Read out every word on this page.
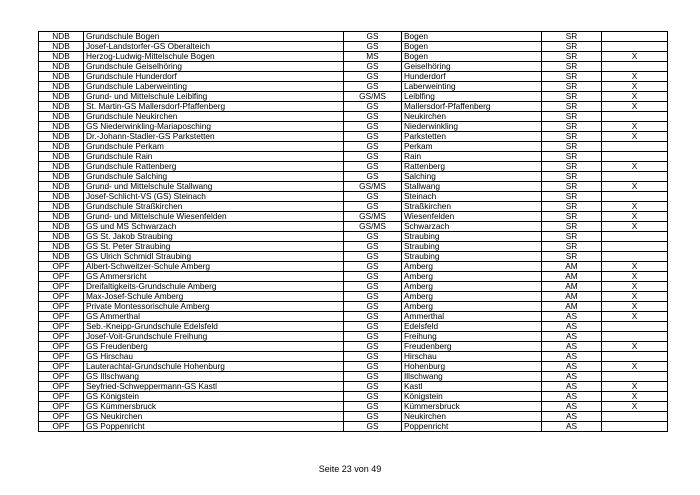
NDB	Grundschule Bogen	GS	Bogen	SR	
NDB	Josef-Landstorfer-GS Oberalteich	GS	Bogen	SR	
NDB	Herzog-Ludwig-Mittelschule Bogen	MS	Bogen	SR	X
NDB	Grundschule Geiselhöring	GS	Geiselhöring	SR	
NDB	Grundschule Hunderdorf	GS	Hunderdorf	SR	X
NDB	Grundschule Laberweinting	GS	Laberweinting	SR	X
NDB	Grund- und Mittelschule Leiblfing	GS/MS	Leiblfing	SR	X
NDB	St. Martin-GS Mallersdorf-Pfaffenberg	GS	Mallersdorf-Pfaffenberg	SR	X
NDB	Grundschule Neukirchen	GS	Neukirchen	SR	
NDB	GS Niederwinkling-Mariaposching	GS	Niederwinkling	SR	X
NDB	Dr.-Johann-Stadler-GS Parkstetten	GS	Parkstetten	SR	X
NDB	Grundschule Perkam	GS	Perkam	SR	
NDB	Grundschule Rain	GS	Rain	SR	
NDB	Grundschule Rattenberg	GS	Rattenberg	SR	X
NDB	Grundschule Salching	GS	Salching	SR	
NDB	Grund- und Mittelschule Stallwang	GS/MS	Stallwang	SR	X
NDB	Josef-Schlicht-VS (GS) Steinach	GS	Steinach	SR	
NDB	Grundschule Straßkirchen	GS	Straßkirchen	SR	X
NDB	Grund- und Mittelschule Wiesenfelden	GS/MS	Wiesenfelden	SR	X
NDB	GS und MS Schwarzach	GS/MS	Schwarzach	SR	X
NDB	GS St. Jakob Straubing	GS	Straubing	SR	
NDB	GS St. Peter Straubing	GS	Straubing	SR	
NDB	GS Ulrich Schmidl Straubing	GS	Straubing	SR	
OPF	Albert-Schweitzer-Schule Amberg	GS	Amberg	AM	X
OPF	GS Ammersricht	GS	Amberg	AM	X
OPF	Dreifaltigkeits-Grundschule Amberg	GS	Amberg	AM	X
OPF	Max-Josef-Schule Amberg	GS	Amberg	AM	X
OPF	Private Montessorischule Amberg	GS	Amberg	AM	X
OPF	GS Ammerthal	GS	Ammerthal	AS	X
OPF	Seb.-Kneipp-Grundschule Edelsfeld	GS	Edelsfeld	AS	
OPF	Josef-Voit-Grundschule Freihung	GS	Freihung	AS	
OPF	GS Freudenberg	GS	Freudenberg	AS	X
OPF	GS Hirschau	GS	Hirschau	AS	
OPF	Lauterachtal-Grundschule Hohenburg	GS	Hohenburg	AS	X
OPF	GS Illschwang	GS	Illschwang	AS	
OPF	Seyfried-Schweppermann-GS Kastl	GS	Kastl	AS	X
OPF	GS Königstein	GS	Königstein	AS	X
OPF	GS Kümmersbruck	GS	Kümmersbruck	AS	X
OPF	GS Neukirchen	GS	Neukirchen	AS	
OPF	GS Poppenricht	GS	Poppenricht	AS	
Seite 23 von 49
